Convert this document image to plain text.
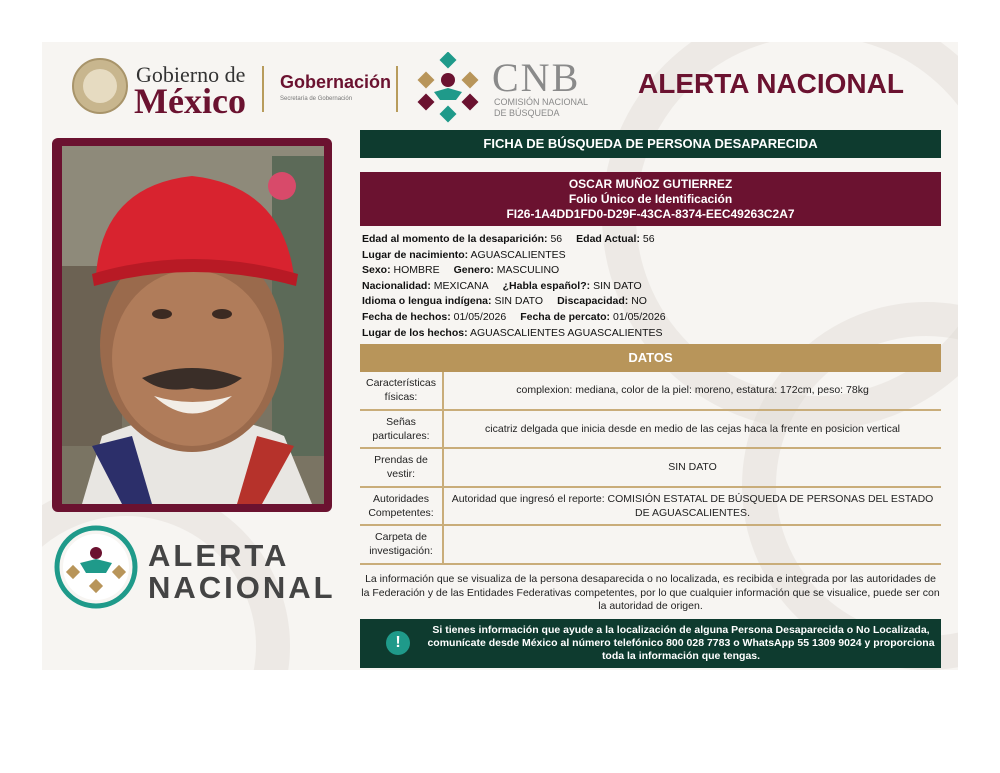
Gobierno de
México Gobernación
Secretaría de Gobernación	CNB
COMISIÓN NACIONAL
DE BÚSQUEDA
ALERTA NACIONAL
ALERTA
NACIONAL
FICHA DE BÚSQUEDA DE PERSONA DESAPARECIDA
OSCAR MUÑOZ GUTIERREZ
Folio Único de Identificación
FI26-1A4DD1FD0-D29F-43CA-8374-EEC49263C2A7
Edad al momento de la desaparición: 56 Edad Actual: 56
Lugar de nacimiento: AGUASCALIENTES
Sexo: HOMBRE Genero: MASCULINO
Nacionalidad: MEXICANA ¿Habla español?: SIN DATO
Idioma o lengua indígena: SIN DATO Discapacidad: NO
Fecha de hechos: 01/05/2026 Fecha de percato: 01/05/2026
Lugar de los hechos: AGUASCALIENTES AGUASCALIENTES
DATOS
Características físicas:	complexion: mediana, color de la piel: moreno, estatura: 172cm, peso: 78kg
Señas particulares:	cicatriz delgada que inicia desde en medio de las cejas haca la frente en posicion vertical
Prendas de vestir:	SIN DATO
Autoridades Competentes:	Autoridad que ingresó el reporte: COMISIÓN ESTATAL DE BÚSQUEDA DE PERSONAS DEL ESTADO DE AGUASCALIENTES.
Carpeta de investigación:	
La información que se visualiza de la persona desaparecida o no localizada, es recibida e integrada por las autoridades de la Federación y de las Entidades Federativas competentes, por lo que cualquier información que se visualice, puede ser con la autoridad de origen.
!
Si tienes información que ayude a la localización de alguna Persona Desaparecida o No Localizada, comunícate desde México al número telefónico 800 028 7783 o WhatsApp 55 1309 9024 y proporciona toda la información que tengas.
